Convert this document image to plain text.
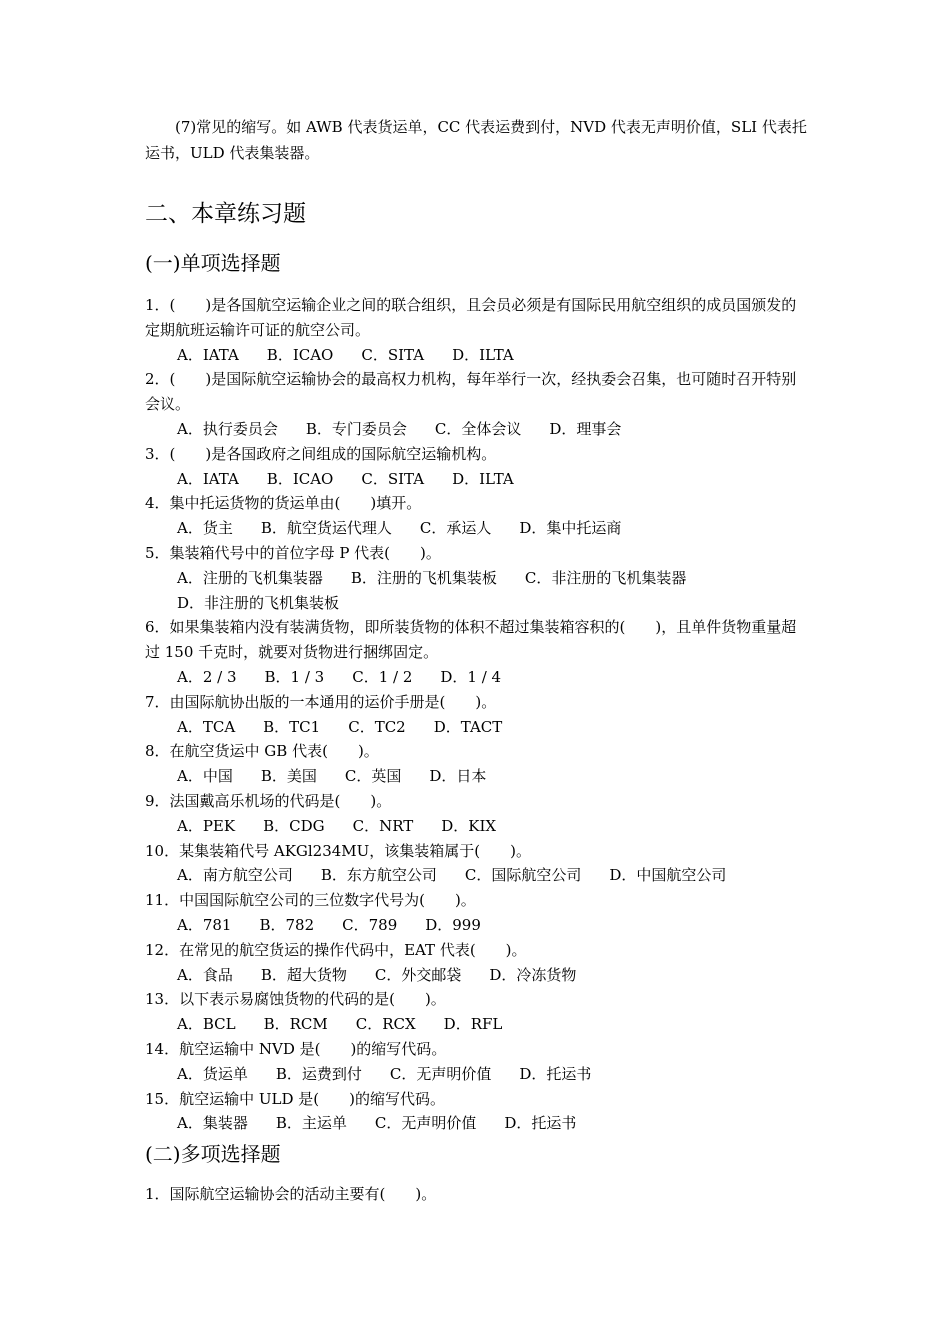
(7)常见的缩写。如 AWB 代表货运单，CC 代表运费到付，NVD 代表无声明价值，SLI 代表托运书，ULD 代表集装器。

二、本章练习题
(一)单项选择题

1．(　　)是各国航空运输企业之间的联合组织，且会员必须是有国际民用航空组织的成员国颁发的定期航班运输许可证的航空公司。

A．IATA B．ICAO C．SITA D．ILTA

2．(　　)是国际航空运输协会的最高权力机构，每年举行一次，经执委会召集，也可随时召开特别会议。

A．执行委员会 B．专门委员会 C．全体会议 D．理事会

3．(　　)是各国政府之间组成的国际航空运输机构。

A．IATA B．ICAO C．SITA D．ILTA

4．集中托运货物的货运单由(　　)填开。

A．货主 B．航空货运代理人 C．承运人 D．集中托运商

5．集装箱代号中的首位字母 P 代表(　　)。

A．注册的飞机集装器 B．注册的飞机集装板 C．非注册的飞机集装器
D．非注册的飞机集装板

6．如果集装箱内没有装满货物，即所装货物的体积不超过集装箱容积的(　　)，且单件货物重量超过 150 千克时，就要对货物进行捆绑固定。

A．2 / 3 B．1 / 3 C．1 / 2 D．1 / 4

7．由国际航协出版的一本通用的运价手册是(　　)。

A．TCA B．TC1 C．TC2 D．TACT

8．在航空货运中 GB 代表(　　)。

A．中国 B．美国 C．英国 D．日本

9．法国戴高乐机场的代码是(　　)。

A．PEK B．CDG C．NRT D．KIX

10．某集装箱代号 AKGl234MU，该集装箱属于(　　)。

A．南方航空公司 B．东方航空公司 C．国际航空公司 D．中国航空公司

11．中国国际航空公司的三位数字代号为(　　)。

A．781 B．782 C．789 D．999

12．在常见的航空货运的操作代码中，EAT 代表(　　)。

A．食品 B．超大货物 C．外交邮袋 D．冷冻货物

13．以下表示易腐蚀货物的代码的是(　　)。

A．BCL B．RCM C．RCX D．RFL

14．航空运输中 NVD 是(　　)的缩写代码。

A．货运单 B．运费到付 C．无声明价值 D．托运书

15．航空运输中 ULD 是(　　)的缩写代码。

A．集装器 B．主运单 C．无声明价值 D．托运书
(二)多项选择题

1．国际航空运输协会的活动主要有(　　)。
